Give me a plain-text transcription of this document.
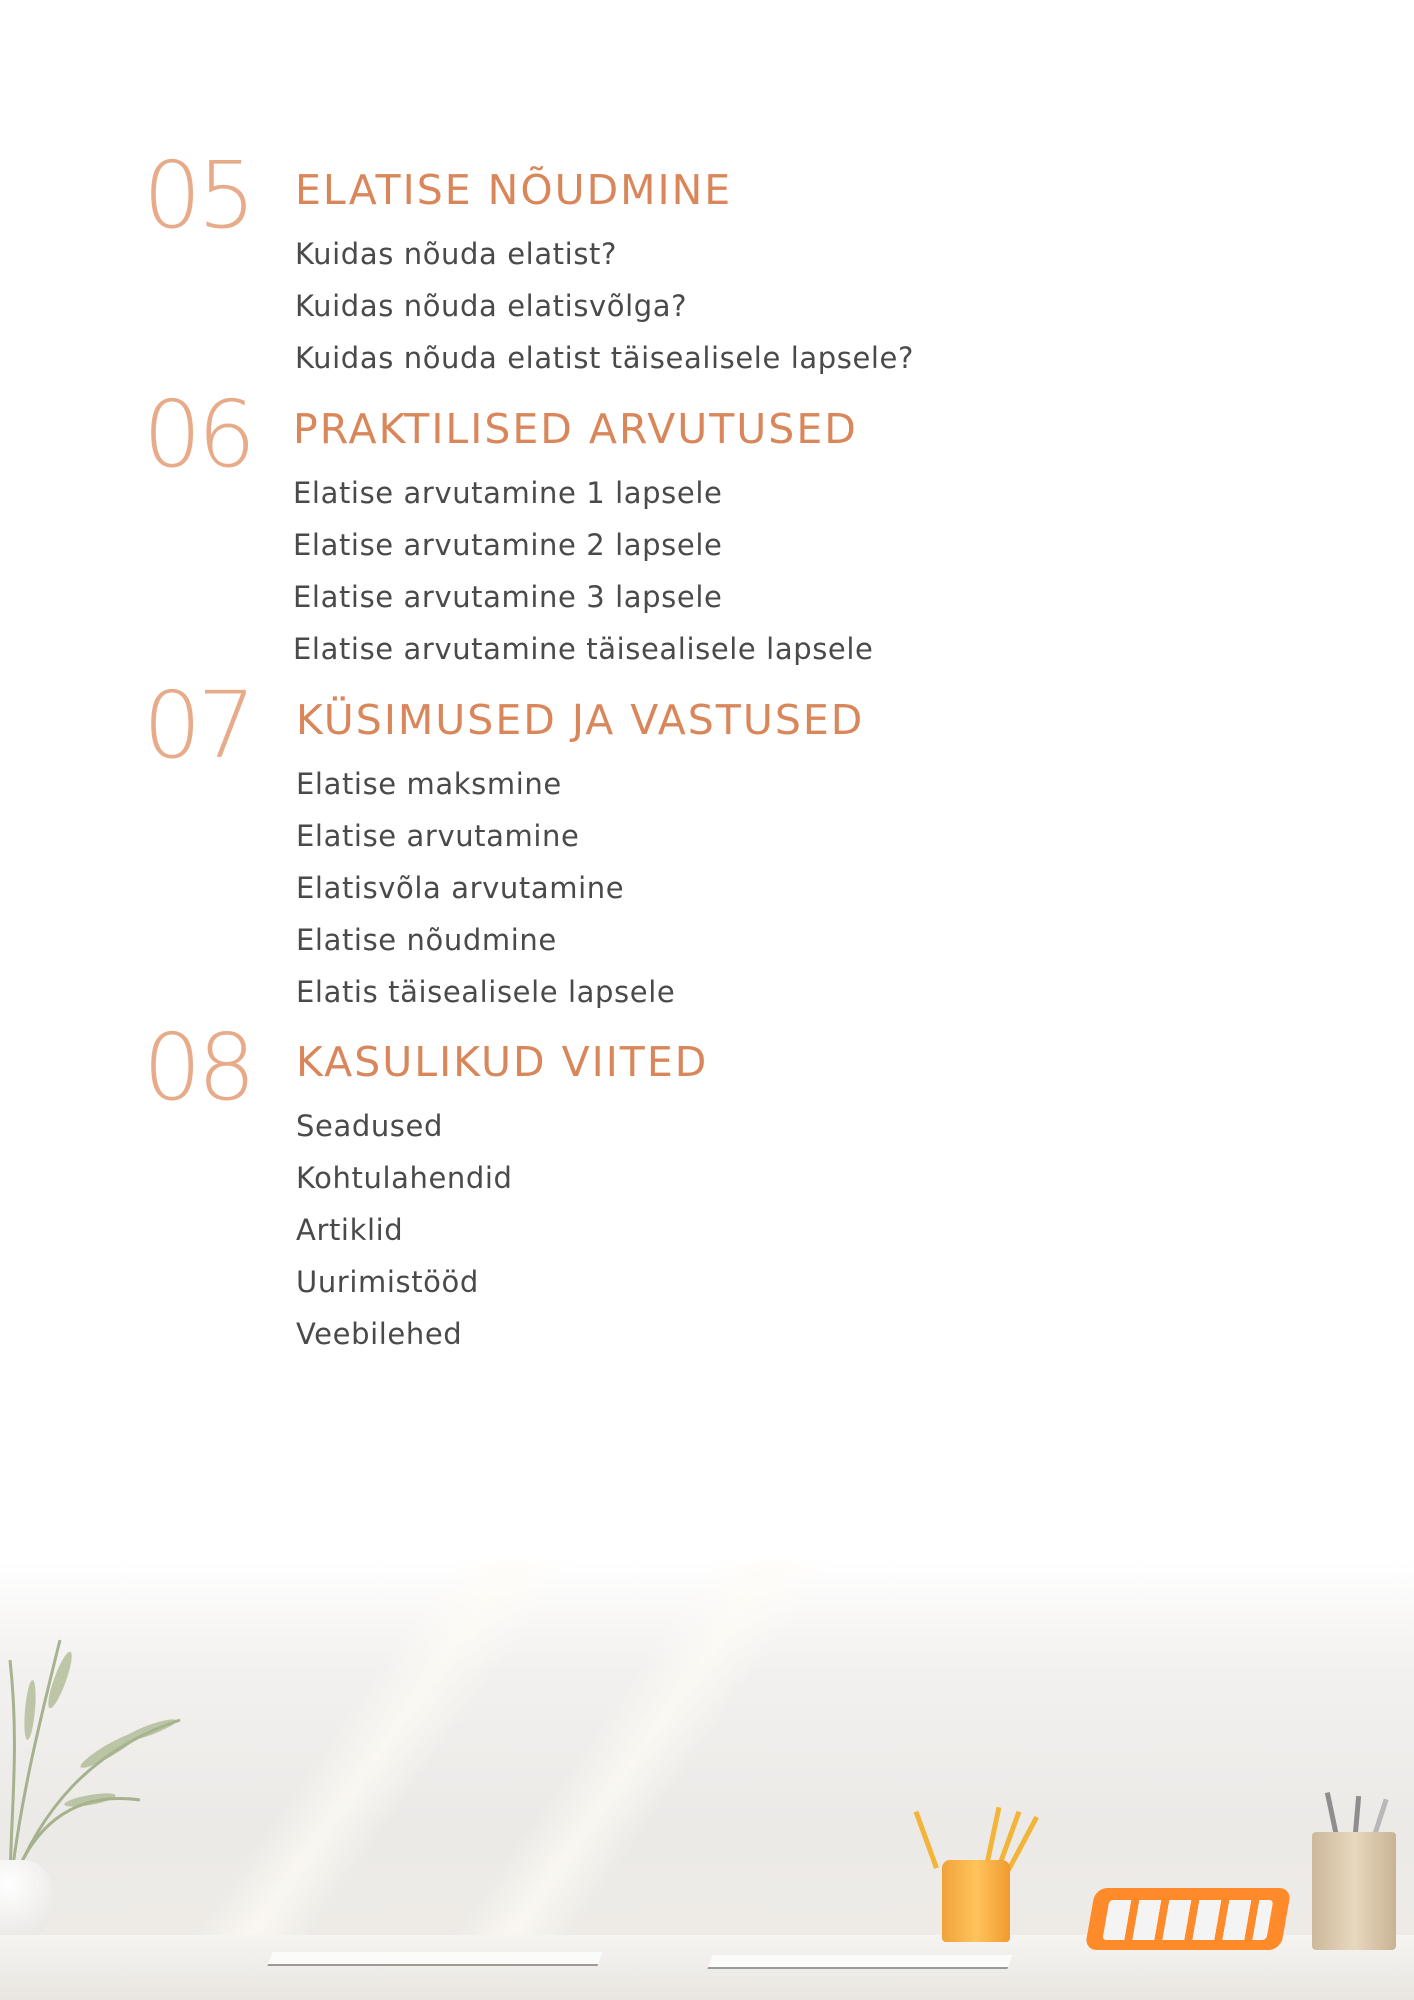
05 ELATISE NÕUDMINE
Kuidas nõuda elatist?
Kuidas nõuda elatisvõlga?
Kuidas nõuda elatist täisealisele lapsele?
06 PRAKTILISED ARVUTUSED
Elatise arvutamine 1 lapsele
Elatise arvutamine 2 lapsele
Elatise arvutamine 3 lapsele
Elatise arvutamine täisealisele lapsele
07 KÜSIMUSED JA VASTUSED
Elatise maksmine
Elatise arvutamine
Elatisvõla arvutamine
Elatise nõudmine
Elatis täisealisele lapsele
08 KASULIKUD VIITED
Seadused
Kohtulahendid
Artiklid
Uurimistööd
Veebilehed
